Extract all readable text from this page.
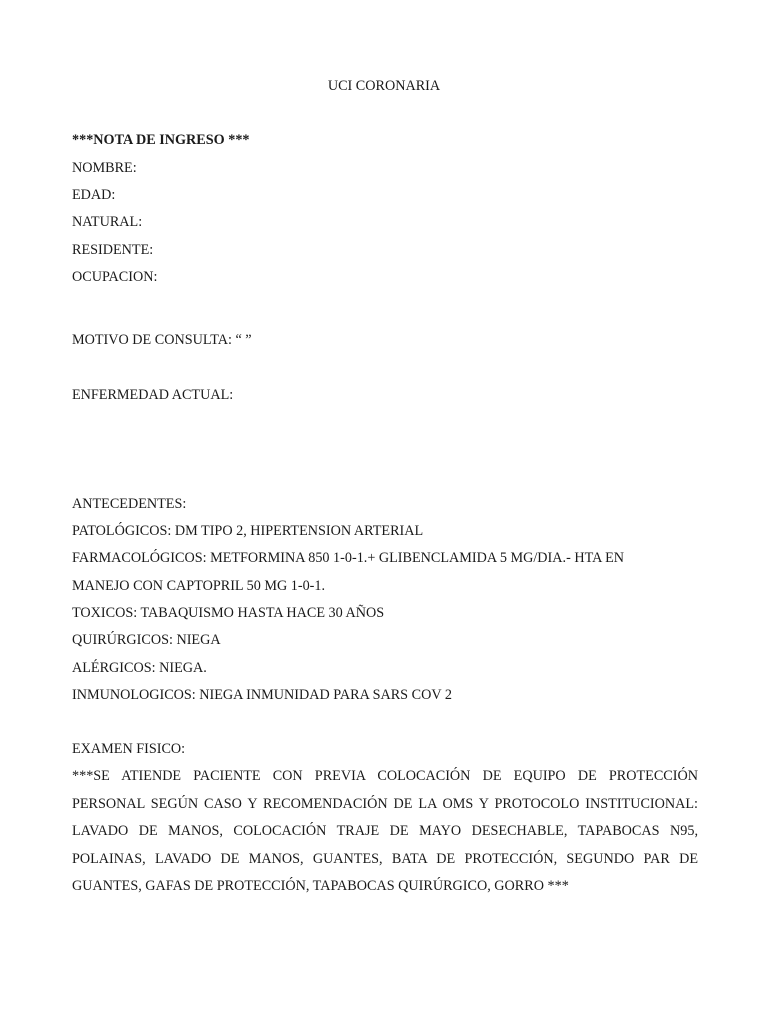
UCI CORONARIA
***NOTA DE INGRESO ***
NOMBRE:
EDAD:
NATURAL:
RESIDENTE:
OCUPACION:
MOTIVO DE CONSULTA: “ ”
ENFERMEDAD ACTUAL:
ANTECEDENTES:
PATOLÓGICOS: DM TIPO 2, HIPERTENSION ARTERIAL
FARMACOLÓGICOS: METFORMINA 850 1-0-1.+ GLIBENCLAMIDA 5 MG/DIA.- HTA EN
MANEJO CON CAPTOPRIL 50 MG 1-0-1.
TOXICOS: TABAQUISMO HASTA HACE 30 AÑOS
QUIRÚRGICOS: NIEGA
ALÉRGICOS: NIEGA.
INMUNOLOGICOS: NIEGA INMUNIDAD PARA SARS COV 2
EXAMEN FISICO:
***SE ATIENDE PACIENTE CON PREVIA COLOCACIÓN DE EQUIPO DE PROTECCIÓN
PERSONAL SEGÚN CASO Y RECOMENDACIÓN DE LA OMS Y PROTOCOLO INSTITUCIONAL:
LAVADO DE MANOS, COLOCACIÓN TRAJE DE MAYO DESECHABLE, TAPABOCAS N95,
POLAINAS, LAVADO DE MANOS, GUANTES, BATA DE PROTECCIÓN, SEGUNDO PAR DE
GUANTES, GAFAS DE PROTECCIÓN, TAPABOCAS QUIRÚRGICO, GORRO ***
